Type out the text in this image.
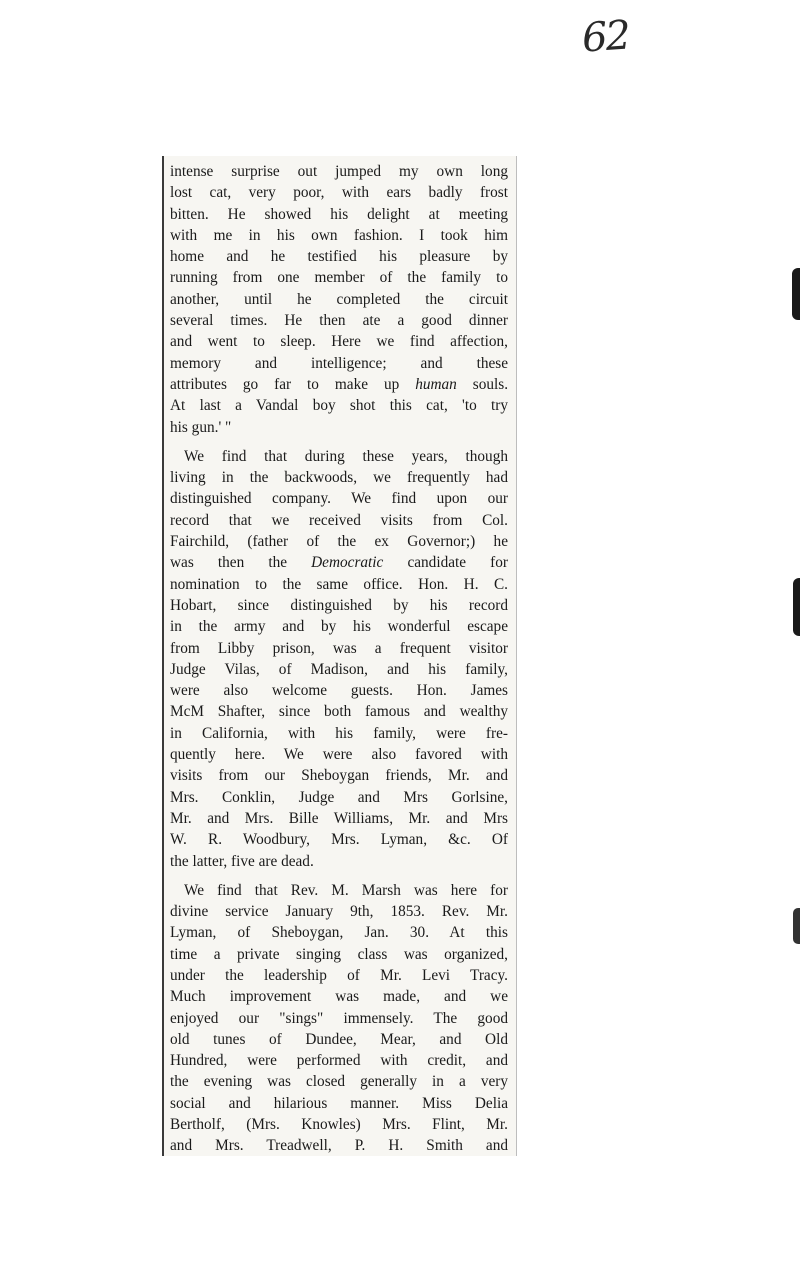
62

intense surprise out jumped my own long
lost cat, very poor, with ears badly frost
bitten. He showed his delight at meeting
with me in his own fashion. I took him
home and he testified his pleasure by
running from one member of the family to
another, until he completed the circuit
several times. He then ate a good dinner
and went to sleep. Here we find affection,
memory and intelligence; and these
attributes go far to make up human souls.
At last a Vandal boy shot this cat, 'to try
his gun.' "

We find that during these years, though
living in the backwoods, we frequently had
distinguished company. We find upon our
record that we received visits from Col.
Fairchild, (father of the ex Governor;) he
was then the Democratic candidate for
nomination to the same office. Hon. H. C.
Hobart, since distinguished by his record
in the army and by his wonderful escape
from Libby prison, was a frequent visitor
Judge Vilas, of Madison, and his family,
were also welcome guests. Hon. James
McM Shafter, since both famous and wealthy
in California, with his family, were fre-
quently here. We were also favored with
visits from our Sheboygan friends, Mr. and
Mrs. Conklin, Judge and Mrs Gorlsine,
Mr. and Mrs. Bille Williams, Mr. and Mrs
W. R. Woodbury, Mrs. Lyman, &c. Of
the latter, five are dead.

We find that Rev. M. Marsh was here for
divine service January 9th, 1853. Rev. Mr.
Lyman, of Sheboygan, Jan. 30. At this
time a private singing class was organized,
under the leadership of Mr. Levi Tracy.
Much improvement was made, and we
enjoyed our "sings" immensely. The good
old tunes of Dundee, Mear, and Old
Hundred, were performed with credit, and
the evening was closed generally in a very
social and hilarious manner. Miss Delia
Bertholf, (Mrs. Knowles) Mrs. Flint, Mr.
and Mrs. Treadwell, P. H. Smith and
